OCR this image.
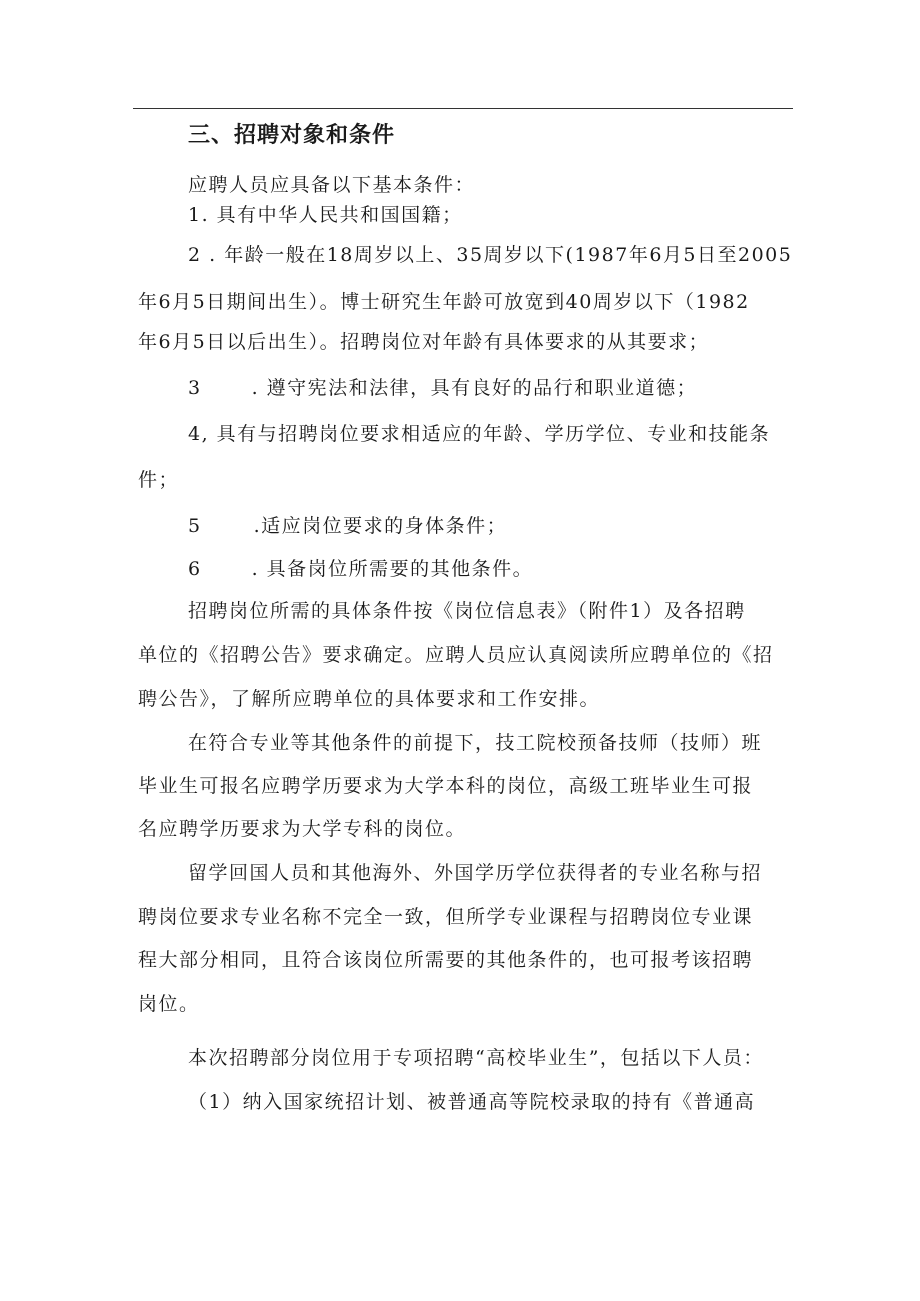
三、招聘对象和条件
应聘人员应具备以下基本条件：
1. 具有中华人民共和国国籍；
2 . 年龄一般在18周岁以上、35周岁以下(1987年6月5日至2005
年6月5日期间出生）。博士研究生年龄可放宽到40周岁以下（1982
年6月5日以后出生）。招聘岗位对年龄有具体要求的从其要求；
3	. 遵守宪法和法律，具有良好的品行和职业道德；
4, 具有与招聘岗位要求相适应的年龄、学历学位、专业和技能条
件；
5	.适应岗位要求的身体条件；
6	. 具备岗位所需要的其他条件。
招聘岗位所需的具体条件按《岗位信息表》（附件1）及各招聘
单位的《招聘公告》要求确定。应聘人员应认真阅读所应聘单位的《招
聘公告》，了解所应聘单位的具体要求和工作安排。
在符合专业等其他条件的前提下，技工院校预备技师（技师）班
毕业生可报名应聘学历要求为大学本科的岗位，高级工班毕业生可报
名应聘学历要求为大学专科的岗位。
留学回国人员和其他海外、外国学历学位获得者的专业名称与招
聘岗位要求专业名称不完全一致，但所学专业课程与招聘岗位专业课
程大部分相同，且符合该岗位所需要的其他条件的，也可报考该招聘
岗位。
本次招聘部分岗位用于专项招聘“高校毕业生”，包括以下人员：
（1）纳入国家统招计划、被普通高等院校录取的持有《普通高
